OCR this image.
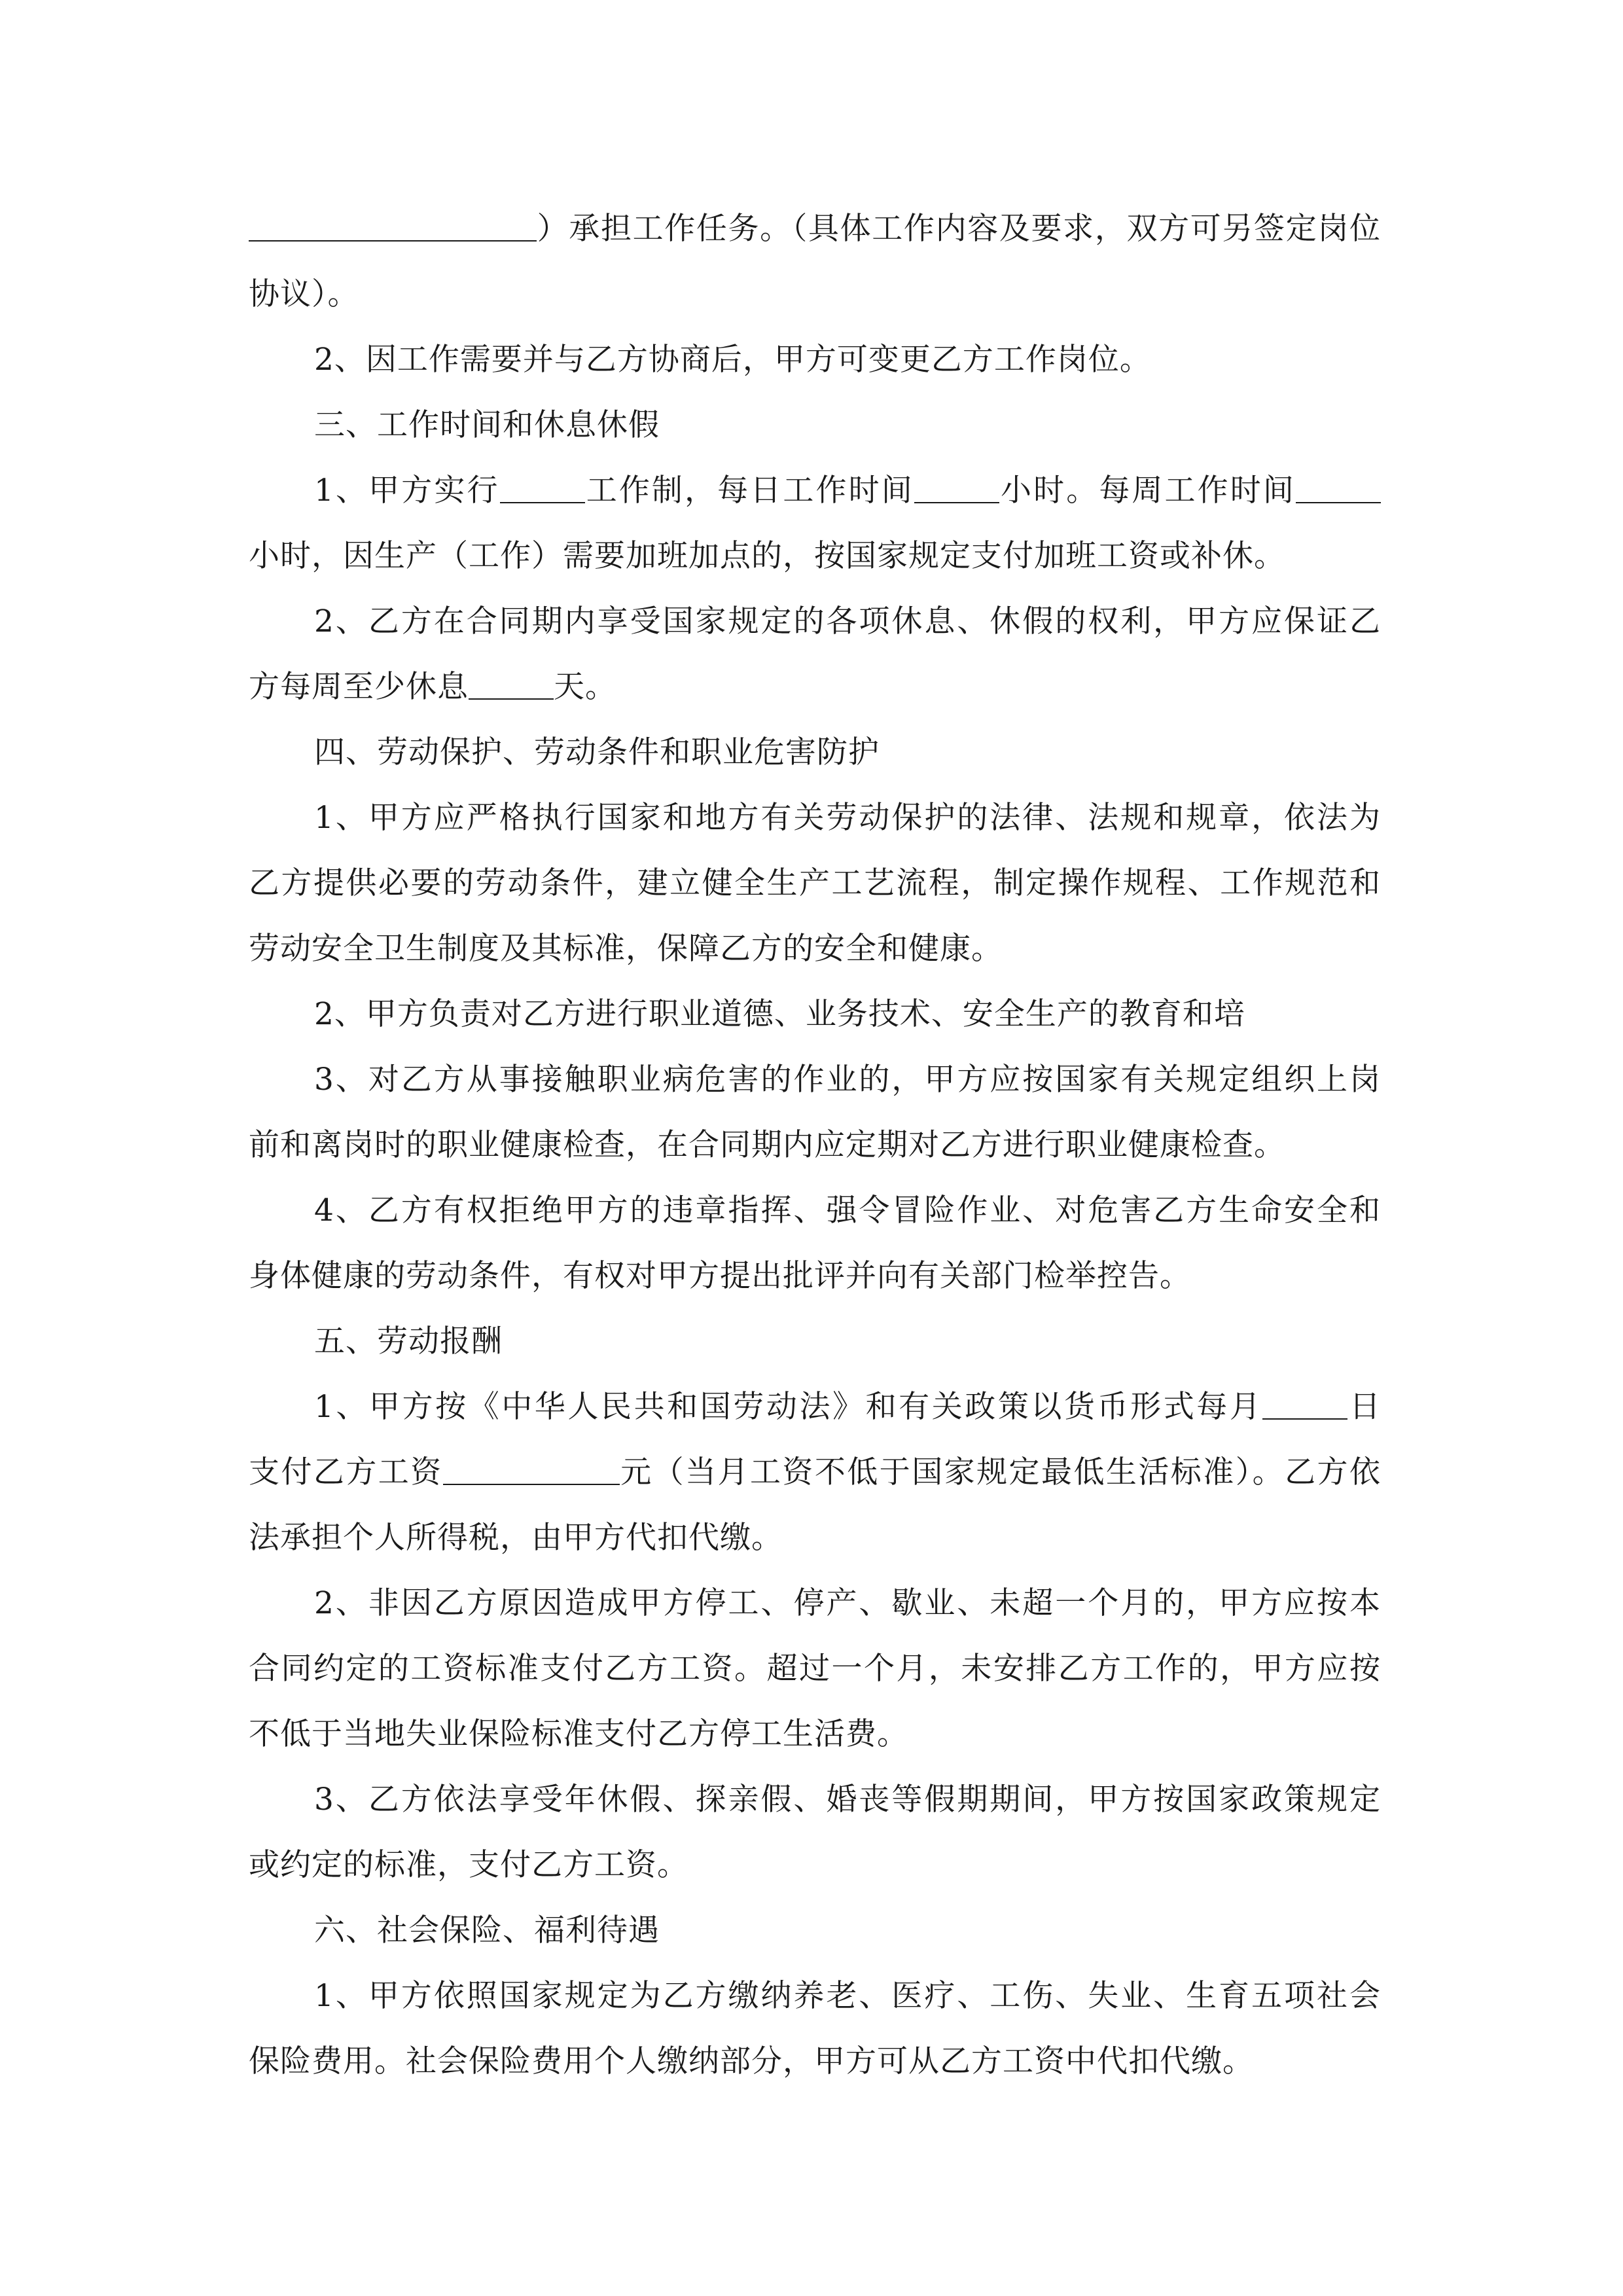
）承担工作任务。（具体工作内容及要求，双方可另签定岗位
协议）。
2、因工作需要并与乙方协商后，甲方可变更乙方工作岗位。
三、工作时间和休息休假
1、甲方实行	工作制，每日工作时间	小时。每周工作时间
小时，因生产（工作）需要加班加点的，按国家规定支付加班工资或补休。
2、乙方在合同期内享受国家规定的各项休息、休假的权利，甲方应保证乙
方每周至少休息	天。
四、劳动保护、劳动条件和职业危害防护
1、甲方应严格执行国家和地方有关劳动保护的法律、法规和规章，依法为
乙方提供必要的劳动条件，建立健全生产工艺流程，制定操作规程、工作规范和
劳动安全卫生制度及其标准，保障乙方的安全和健康。
2、甲方负责对乙方进行职业道德、业务技术、安全生产的教育和培
3、对乙方从事接触职业病危害的作业的，甲方应按国家有关规定组织上岗
前和离岗时的职业健康检查，在合同期内应定期对乙方进行职业健康检查。
4、乙方有权拒绝甲方的违章指挥、强令冒险作业、对危害乙方生命安全和
身体健康的劳动条件，有权对甲方提出批评并向有关部门检举控告。
五、劳动报酬
1、甲方按《中华人民共和国劳动法》和有关政策以货币形式每月	日
支付乙方工资	元（当月工资不低于国家规定最低生活标准）。乙方依
法承担个人所得税，由甲方代扣代缴。
2、非因乙方原因造成甲方停工、停产、歇业、未超一个月的，甲方应按本
合同约定的工资标准支付乙方工资。超过一个月，未安排乙方工作的，甲方应按
不低于当地失业保险标准支付乙方停工生活费。
3、乙方依法享受年休假、探亲假、婚丧等假期期间，甲方按国家政策规定
或约定的标准，支付乙方工资。
六、社会保险、福利待遇
1、甲方依照国家规定为乙方缴纳养老、医疗、工伤、失业、生育五项社会
保险费用。社会保险费用个人缴纳部分，甲方可从乙方工资中代扣代缴。
